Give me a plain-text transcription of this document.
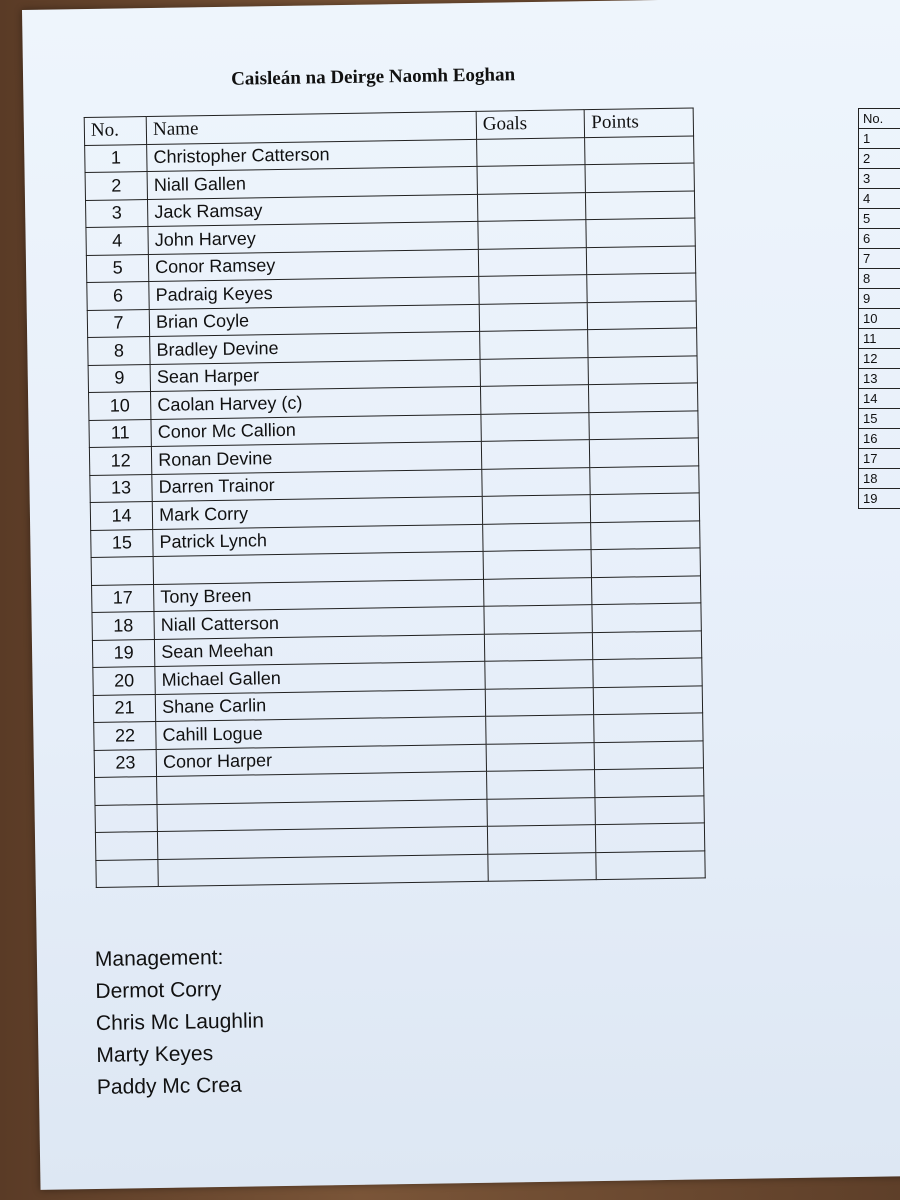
Caisleán na Deirge Naomh Eoghan
No.	Name	Goals	Points
1	Christopher Catterson		
2	Niall Gallen		
3	Jack Ramsay		
4	John Harvey		
5	Conor Ramsey		
6	Padraig Keyes		
7	Brian Coyle		
8	Bradley Devine		
9	Sean Harper		
10	Caolan Harvey (c)		
11	Conor Mc Callion		
12	Ronan Devine		
13	Darren Trainor		
14	Mark Corry		
15	Patrick Lynch		

17	Tony Breen		
18	Niall Catterson		
19	Sean Meehan		
20	Michael Gallen		
21	Shane Carlin		
22	Cahill Logue		
23	Conor Harper		

Management:
Dermot Corry
Chris Mc Laughlin
Marty Keyes
Paddy Mc Crea
No.
1
2
3
4
5
6
7
8
9
10
11
12
13
14
15
16
17
18
19
